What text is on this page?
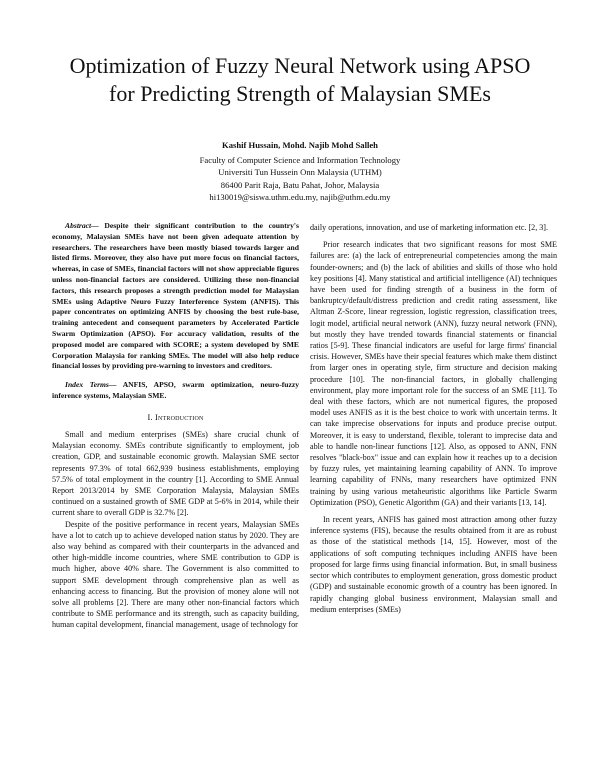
Optimization of Fuzzy Neural Network using APSO
for Predicting Strength of Malaysian SMEs
Kashif Hussain, Mohd. Najib Mohd Salleh
Faculty of Computer Science and Information Technology
Universiti Tun Hussein Onn Malaysia (UTHM)
86400 Parit Raja, Batu Pahat, Johor, Malaysia
hi130019@siswa.uthm.edu.my, najib@uthm.edu.my

Abstract— Despite their significant contribution to the country's economy, Malaysian SMEs have not been given adequate attention by researchers. The researchers have been mostly biased towards larger and listed firms. Moreover, they also have put more focus on financial factors, whereas, in case of SMEs, financial factors will not show appreciable figures unless non-financial factors are considered. Utilizing these non-financial factors, this research proposes a strength prediction model for Malaysian SMEs using Adaptive Neuro Fuzzy Interference System (ANFIS). This paper concentrates on optimizing ANFIS by choosing the best rule-base, training antecedent and consequent parameters by Accelerated Particle Swarm Optimization (APSO). For accuracy validation, results of the proposed model are compared with SCORE; a system developed by SME Corporation Malaysia for ranking SMEs. The model will also help reduce financial losses by providing pre-warning to investors and creditors.

Index Terms— ANFIS, APSO, swarm optimization, neuro-fuzzy inference systems, Malaysian SME.

I. Introduction

Small and medium enterprises (SMEs) share crucial chunk of Malaysian economy. SMEs contribute significantly to employment, job creation, GDP, and sustainable economic growth. Malaysian SME sector represents 97.3% of total 662,939 business establishments, employing 57.5% of total employment in the country [1]. According to SME Annual Report 2013/2014 by SME Corporation Malaysia, Malaysian SMEs continued on a sustained growth of SME GDP at 5-6% in 2014, while their current share to overall GDP is 32.7% [2].

Despite of the positive performance in recent years, Malaysian SMEs have a lot to catch up to achieve developed nation status by 2020. They are also way behind as compared with their counterparts in the advanced and other high-middle income countries, where SME contribution to GDP is much higher, above 40% share. The Government is also committed to support SME development through comprehensive plan as well as enhancing access to financing. But the provision of money alone will not solve all problems [2]. There are many other non-financial factors which contribute to SME performance and its strength, such as capacity building, human capital development, financial management, usage of technology for

daily operations, innovation, and use of marketing information etc. [2, 3].

Prior research indicates that two significant reasons for most SME failures are: (a) the lack of entrepreneurial competencies among the main founder-owners; and (b) the lack of abilities and skills of those who hold key positions [4]. Many statistical and artificial intelligence (AI) techniques have been used for finding strength of a business in the form of bankruptcy/default/distress prediction and credit rating assessment, like Altman Z-Score, linear regression, logistic regression, classification trees, logit model, artificial neural network (ANN), fuzzy neural network (FNN), but mostly they have trended towards financial statements or financial ratios [5-9]. These financial indicators are useful for large firms' financial crisis. However, SMEs have their special features which make them distinct from larger ones in operating style, firm structure and decision making procedure [10]. The non-financial factors, in globally challenging environment, play more important role for the success of an SME [11]. To deal with these factors, which are not numerical figures, the proposed model uses ANFIS as it is the best choice to work with uncertain terms. It can take imprecise observations for inputs and produce precise output. Moreover, it is easy to understand, flexible, tolerant to imprecise data and able to handle non-linear functions [12]. Also, as opposed to ANN, FNN resolves "black-box" issue and can explain how it reaches up to a decision by fuzzy rules, yet maintaining learning capability of ANN. To improve learning capability of FNNs, many researchers have optimized FNN training by using various metaheuristic algorithms like Particle Swarm Optimization (PSO), Genetic Algorithm (GA) and their variants [13, 14].

In recent years, ANFIS has gained most attraction among other fuzzy inference systems (FIS), because the results obtained from it are as robust as those of the statistical methods [14, 15]. However, most of the applications of soft computing techniques including ANFIS have been proposed for large firms using financial information. But, in small business sector which contributes to employment generation, gross domestic product (GDP) and sustainable economic growth of a country has been ignored. In rapidly changing global business environment, Malaysian small and medium enterprises (SMEs)
